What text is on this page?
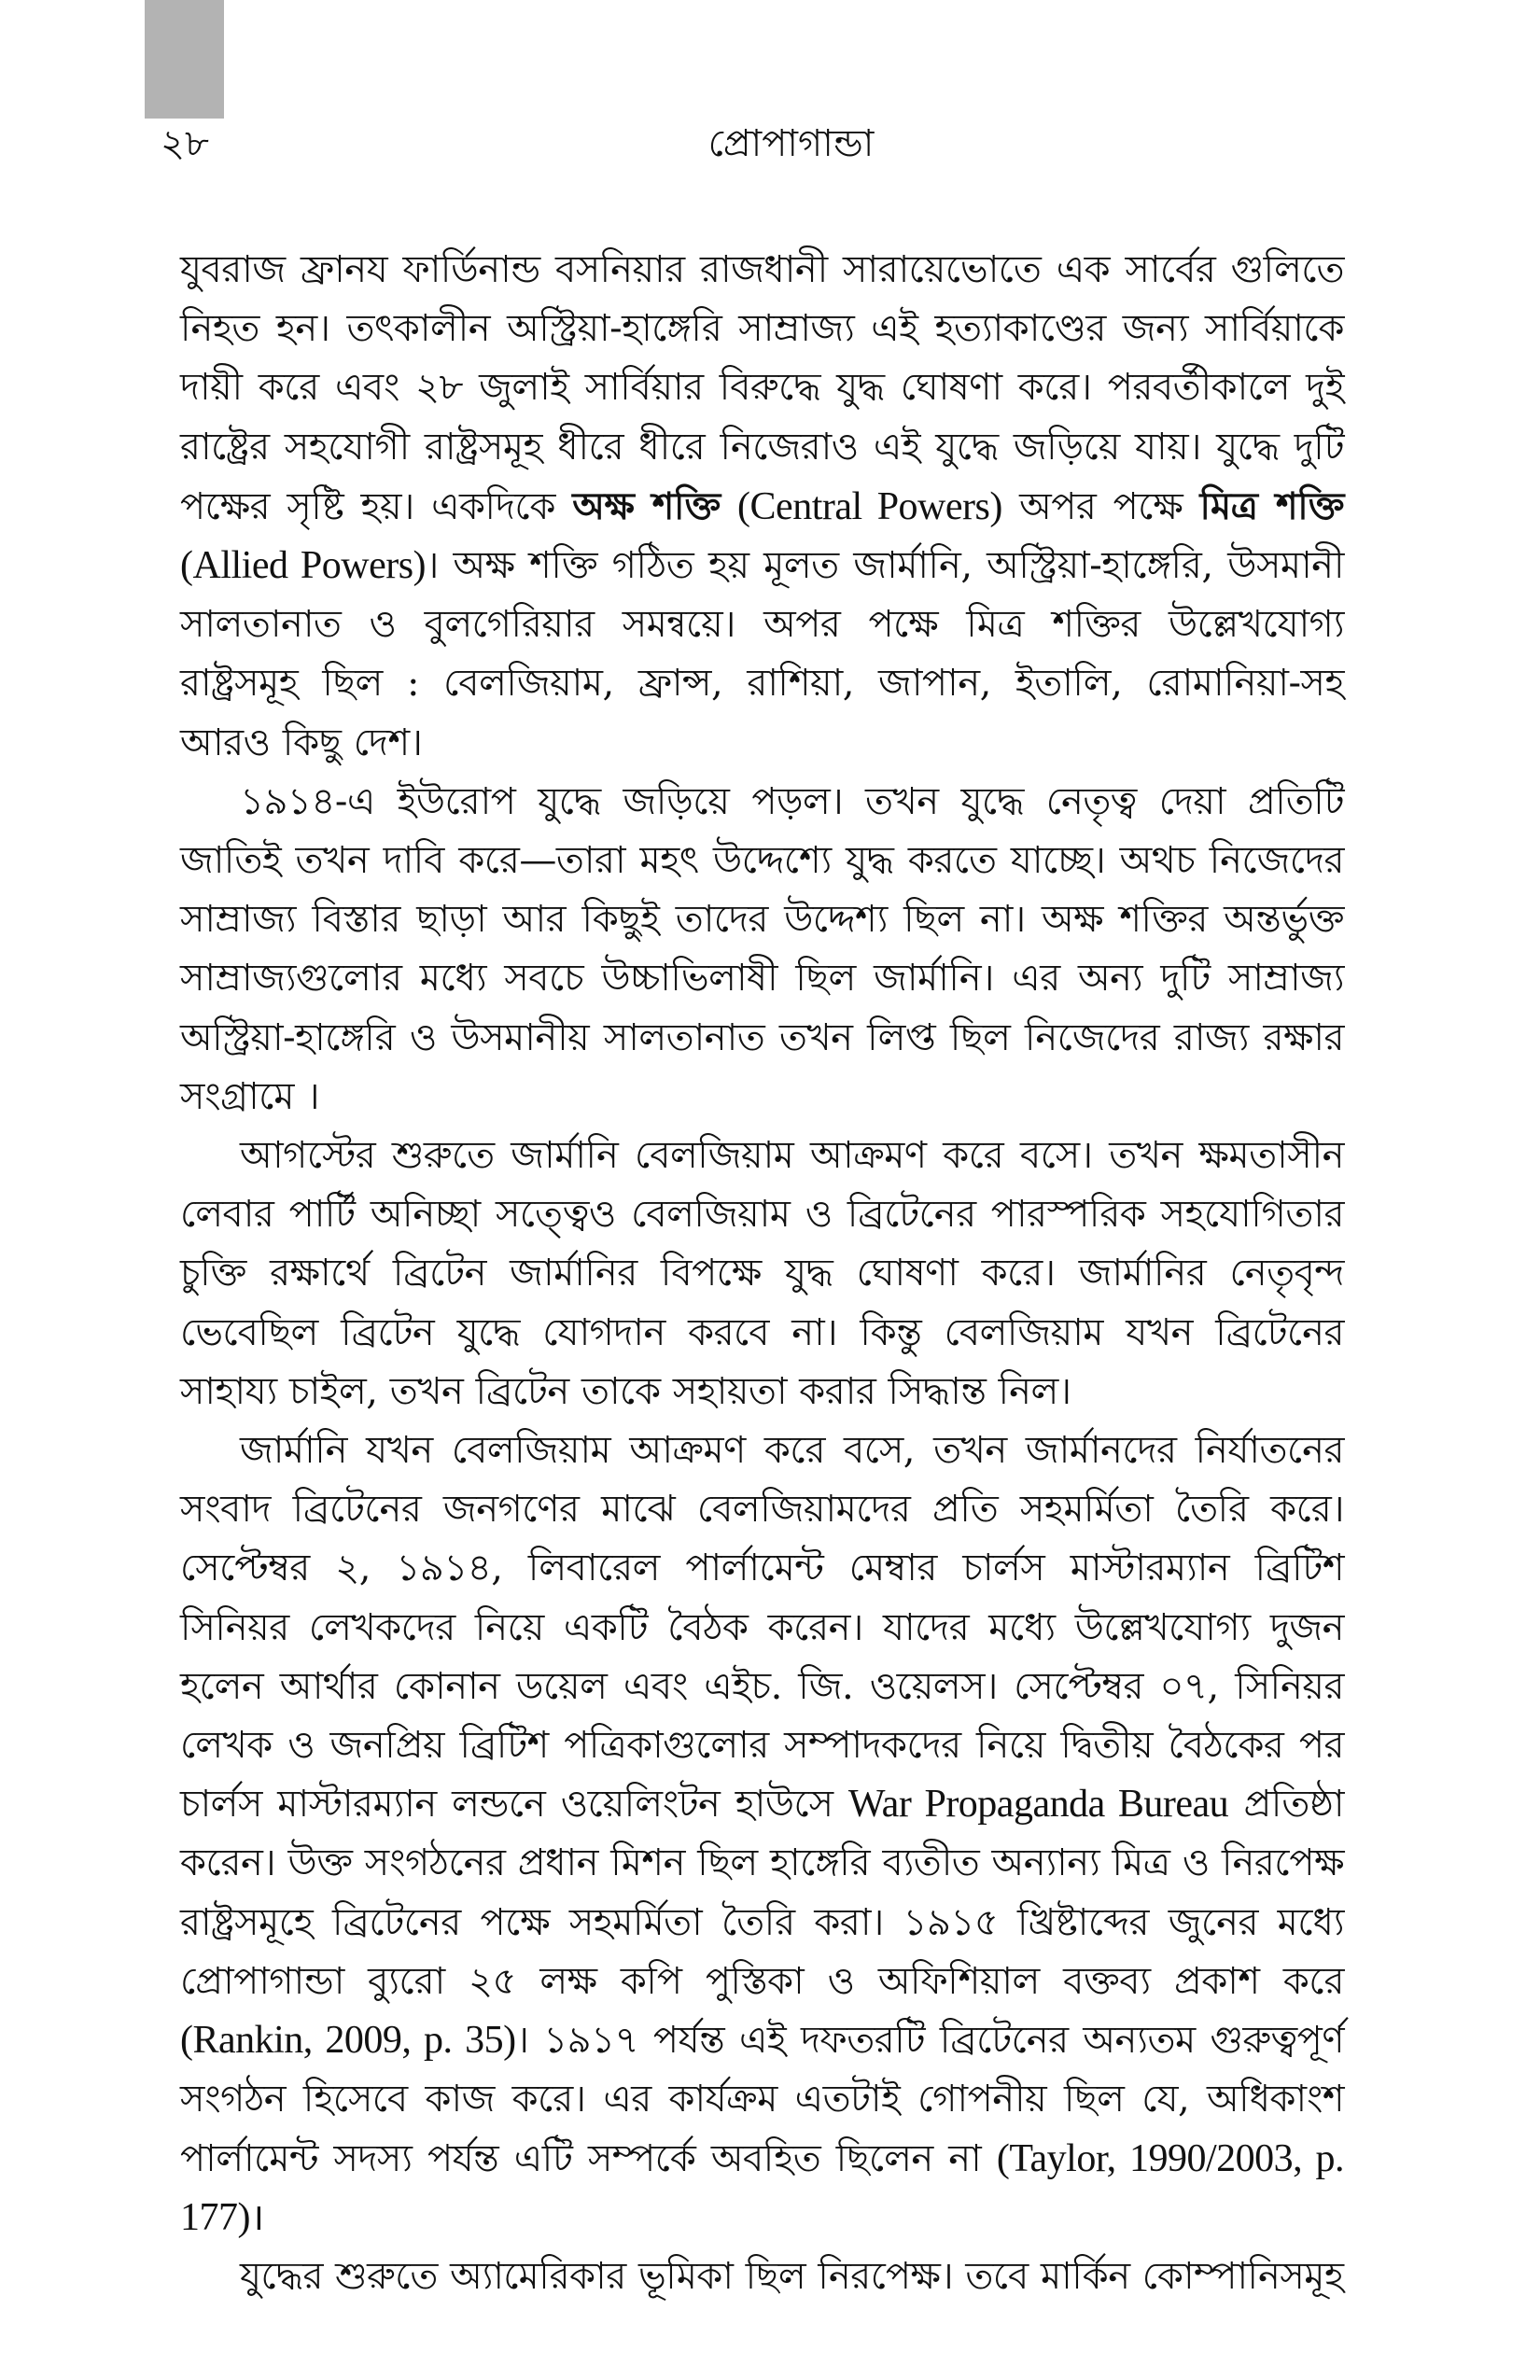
২৮	প্রোপাগান্ডা

যুবরাজ ফ্রানয ফার্ডিনান্ড বসনিয়ার রাজধানী সারায়েভোতে এক সার্বের গুলিতে নিহত হন। তৎকালীন অস্ট্রিয়া-হাঙ্গেরি সাম্রাজ্য এই হত্যাকাণ্ডের জন্য সার্বিয়াকে দায়ী করে এবং ২৮ জুলাই সার্বিয়ার বিরুদ্ধে যুদ্ধ ঘোষণা করে। পরবর্তীকালে দুই রাষ্ট্রের সহযোগী রাষ্ট্রসমূহ ধীরে ধীরে নিজেরাও এই যুদ্ধে জড়িয়ে যায়। যুদ্ধে দুটি পক্ষের সৃষ্টি হয়। একদিকে অক্ষ শক্তি (Central Powers) অপর পক্ষে মিত্র শক্তি (Allied Powers)। অক্ষ শক্তি গঠিত হয় মূলত জার্মানি, অস্ট্রিয়া-হাঙ্গেরি, উসমানী সালতানাত ও বুলগেরিয়ার সমন্বয়ে। অপর পক্ষে মিত্র শক্তির উল্লেখযোগ্য রাষ্ট্রসমূহ ছিল : বেলজিয়াম, ফ্রান্স, রাশিয়া, জাপান, ইতালি, রোমানিয়া-সহ আরও কিছু দেশ।

১৯১৪-এ ইউরোপ যুদ্ধে জড়িয়ে পড়ল। তখন যুদ্ধে নেতৃত্ব দেয়া প্রতিটি জাতিই তখন দাবি করে—তারা মহৎ উদ্দেশ্যে যুদ্ধ করতে যাচ্ছে। অথচ নিজেদের সাম্রাজ্য বিস্তার ছাড়া আর কিছুই তাদের উদ্দেশ্য ছিল না। অক্ষ শক্তির অন্তর্ভুক্ত সাম্রাজ্যগুলোর মধ্যে সবচে উচ্চাভিলাষী ছিল জার্মানি। এর অন্য দুটি সাম্রাজ্য অস্ট্রিয়া-হাঙ্গেরি ও উসমানীয় সালতানাত তখন লিপ্ত ছিল নিজেদের রাজ্য রক্ষার সংগ্রামে ।

আগস্টের শুরুতে জার্মানি বেলজিয়াম আক্রমণ করে বসে। তখন ক্ষমতাসীন লেবার পার্টি অনিচ্ছা সত্ত্বেও বেলজিয়াম ও ব্রিটেনের পারস্পরিক সহযোগিতার চুক্তি রক্ষার্থে ব্রিটেন জার্মানির বিপক্ষে যুদ্ধ ঘোষণা করে। জার্মানির নেতৃবৃন্দ ভেবেছিল ব্রিটেন যুদ্ধে যোগদান করবে না। কিন্তু বেলজিয়াম যখন ব্রিটেনের সাহায্য চাইল, তখন ব্রিটেন তাকে সহায়তা করার সিদ্ধান্ত নিল।

জার্মানি যখন বেলজিয়াম আক্রমণ করে বসে, তখন জার্মানদের নির্যাতনের সংবাদ ব্রিটেনের জনগণের মাঝে বেলজিয়ামদের প্রতি সহমর্মিতা তৈরি করে। সেপ্টেম্বর ২, ১৯১৪, লিবারেল পার্লামেন্ট মেম্বার চার্লস মাস্টারম্যান ব্রিটিশ সিনিয়র লেখকদের নিয়ে একটি বৈঠক করেন। যাদের মধ্যে উল্লেখযোগ্য দুজন হলেন আর্থার কোনান ডয়েল এবং এইচ. জি. ওয়েলস। সেপ্টেম্বর ০৭, সিনিয়র লেখক ও জনপ্রিয় ব্রিটিশ পত্রিকাগুলোর সম্পাদকদের নিয়ে দ্বিতীয় বৈঠকের পর চার্লস মাস্টারম্যান লন্ডনে ওয়েলিংটন হাউসে War Propaganda Bureau প্রতিষ্ঠা করেন। উক্ত সংগঠনের প্রধান মিশন ছিল হাঙ্গেরি ব্যতীত অন্যান্য মিত্র ও নিরপেক্ষ রাষ্ট্রসমূহে ব্রিটেনের পক্ষে সহমর্মিতা তৈরি করা। ১৯১৫ খ্রিষ্টাব্দের জুনের মধ্যে প্রোপাগান্ডা ব্যুরো ২৫ লক্ষ কপি পুস্তিকা ও অফিশিয়াল বক্তব্য প্রকাশ করে (Rankin, 2009, p. 35)। ১৯১৭ পর্যন্ত এই দফতরটি ব্রিটেনের অন্যতম গুরুত্বপূর্ণ সংগঠন হিসেবে কাজ করে। এর কার্যক্রম এতটাই গোপনীয় ছিল যে, অধিকাংশ পার্লামেন্ট সদস্য পর্যন্ত এটি সম্পর্কে অবহিত ছিলেন না (Taylor, 1990/2003, p. 177)।

যুদ্ধের শুরুতে অ্যামেরিকার ভূমিকা ছিল নিরপেক্ষ। তবে মার্কিন কোম্পানিসমূহ
